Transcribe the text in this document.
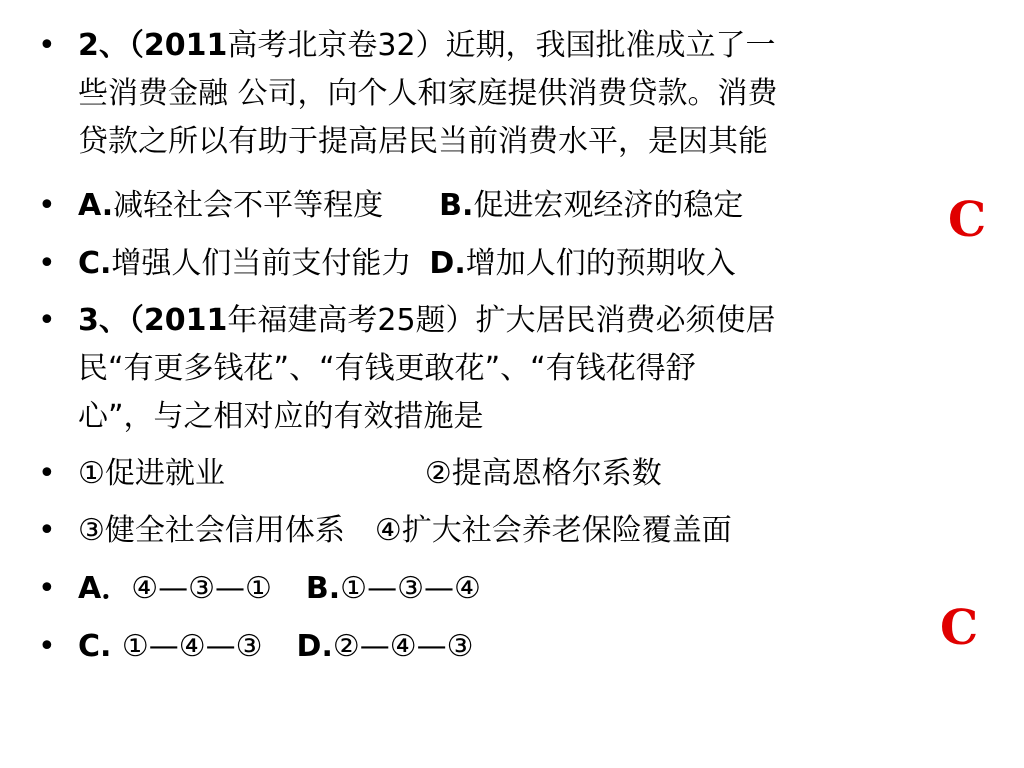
• 2、（2011高考北京卷32）近期，我国批准成立了一
些消费金融 公司，向个人和家庭提供消费贷款。消费
贷款之所以有助于提高居民当前消费水平，是因其能
• A.减轻社会不平等程度 B.促进宏观经济的稳定
• C.增强人们当前支付能力 D.增加人们的预期收入
C
• 3、（2011年福建高考25题）扩大居民消费必须使居
民“有更多钱花”、“有钱更敢花”、“有钱花得舒
心”，与之相对应的有效措施是
• ①促进就业	②提高恩格尔系数
• ③健全社会信用体系 ④扩大社会养老保险覆盖面
• A．④—③—① B.①—③—④
• C. ①—④—③ D.②—④—③	C
